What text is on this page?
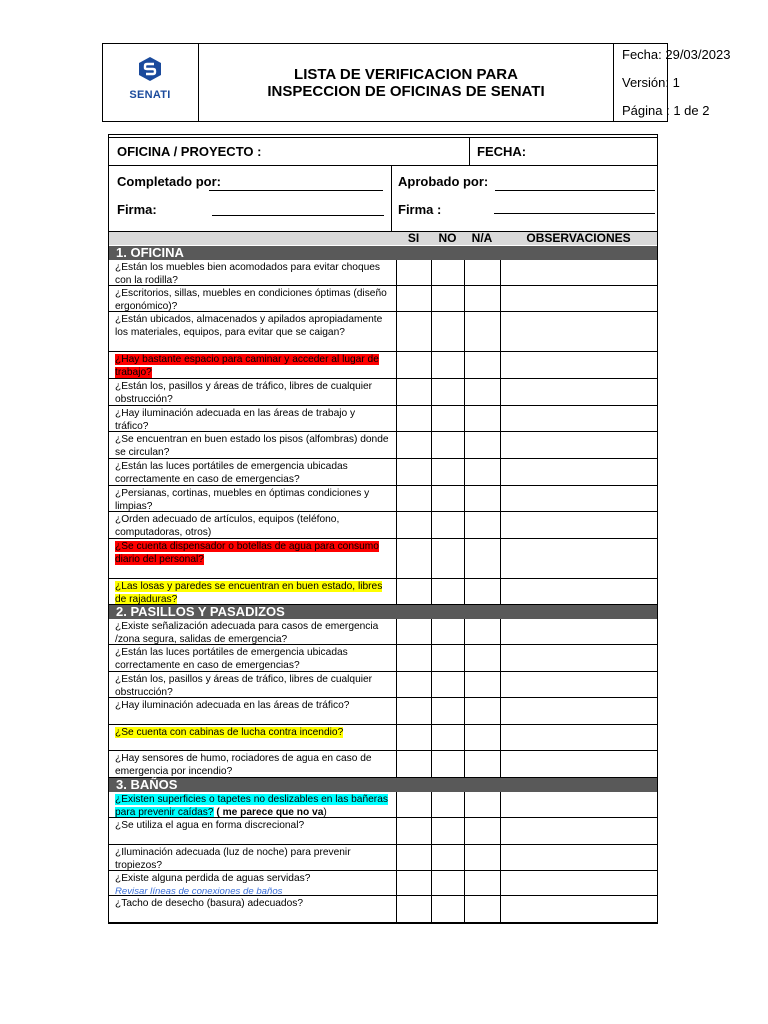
SENATI
LISTA DE VERIFICACION PARA
INSPECCION DE OFICINAS DE SENATI
Fecha: 29/03/2023
Versión: 1
Página : 1 de 2
OFICINA / PROYECTO :	FECHA:
Completado por:	Aprobado por:
Firma:	Firma :
SI	NO	N/A	OBSERVACIONES
1. OFICINA
¿Están los muebles bien acomodados para evitar choques con la rodilla?
¿Escritorios, sillas, muebles en condiciones óptimas (diseño ergonómico)?
¿Están ubicados, almacenados y apilados apropiadamente los materiales, equipos, para evitar que se caigan?
¿Hay bastante espacio para caminar y acceder al lugar de trabajo?
¿Están los, pasillos y áreas de tráfico, libres de cualquier obstrucción?
¿Hay iluminación adecuada en las áreas de trabajo y tráfico?
¿Se encuentran en buen estado los pisos (alfombras) donde se circulan?
¿Están las luces portátiles de emergencia ubicadas correctamente en caso de emergencias?
¿Persianas, cortinas, muebles en óptimas condiciones y limpias?
¿Orden adecuado de artículos, equipos (teléfono, computadoras, otros)
¿Se cuenta dispensador o botellas de agua para consumo diario del personal?
¿Las losas y paredes se encuentran en buen estado, libres de rajaduras?
2. PASILLOS Y PASADIZOS
¿Existe señalización adecuada para casos de emergencia /zona segura, salidas de emergencia?
¿Están las luces portátiles de emergencia ubicadas correctamente en caso de emergencias?
¿Están los, pasillos y áreas de tráfico, libres de cualquier obstrucción?
¿Hay iluminación adecuada en las áreas de tráfico?
¿Se cuenta con cabinas de lucha contra incendio?
¿Hay sensores de humo, rociadores de agua en caso de emergencia por incendio?
3. BAÑOS
¿Existen superficies o tapetes no deslizables en las bañeras para prevenir caídas? ( me parece que no va)
¿Se utiliza el agua en forma discrecional?
¿Iluminación adecuada (luz de noche) para prevenir tropiezos?
¿Existe alguna perdida de aguas servidas?
Revisar líneas de conexiones de baños
¿Tacho de desecho (basura) adecuados?
